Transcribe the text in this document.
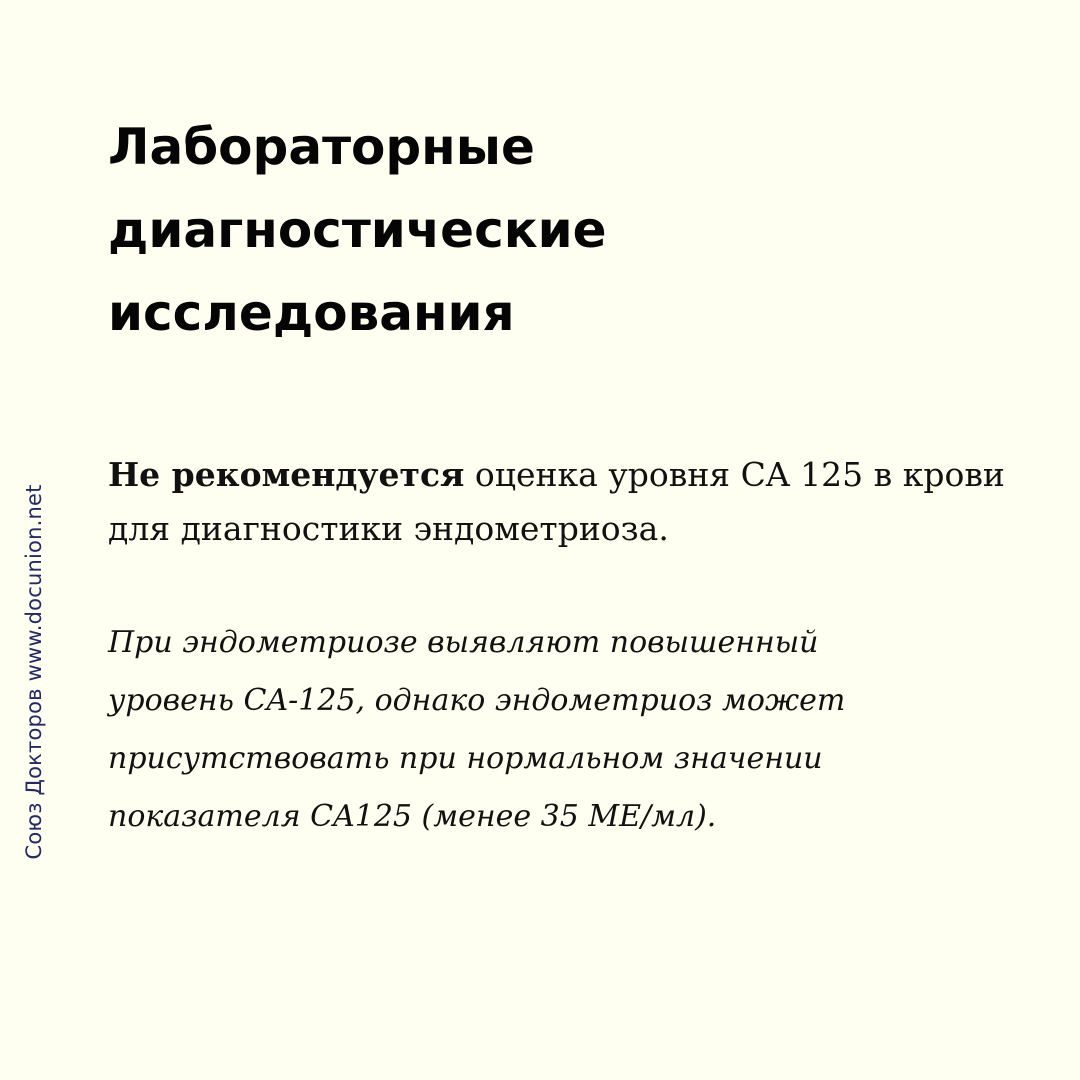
Союз Докторов www.docunion.net
Лабораторные
диагностические
исследования

Не рекомендуется оценка уровня CA 125 в крови для диагностики эндометриоза.

При эндометриозе выявляют повышенный
уровень CA-125, однако эндометриоз может
присутствовать при нормальном значении
показателя CA125 (менее 35 МЕ/мл).
